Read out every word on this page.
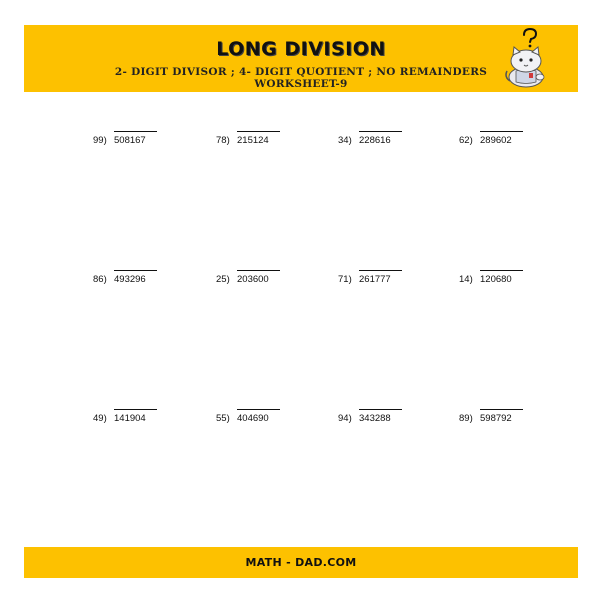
LONG DIVISION
2- DIGIT DIVISOR ; 4- DIGIT QUOTIENT ; NO REMAINDERS
WORKSHEET-9
99) 508167	78) 215124	34) 228616	62) 289602
86) 493296	25) 203600	71) 261777	14) 120680
49) 141904	55) 404690	94) 343288	89) 598792
MATH - DAD.COM
